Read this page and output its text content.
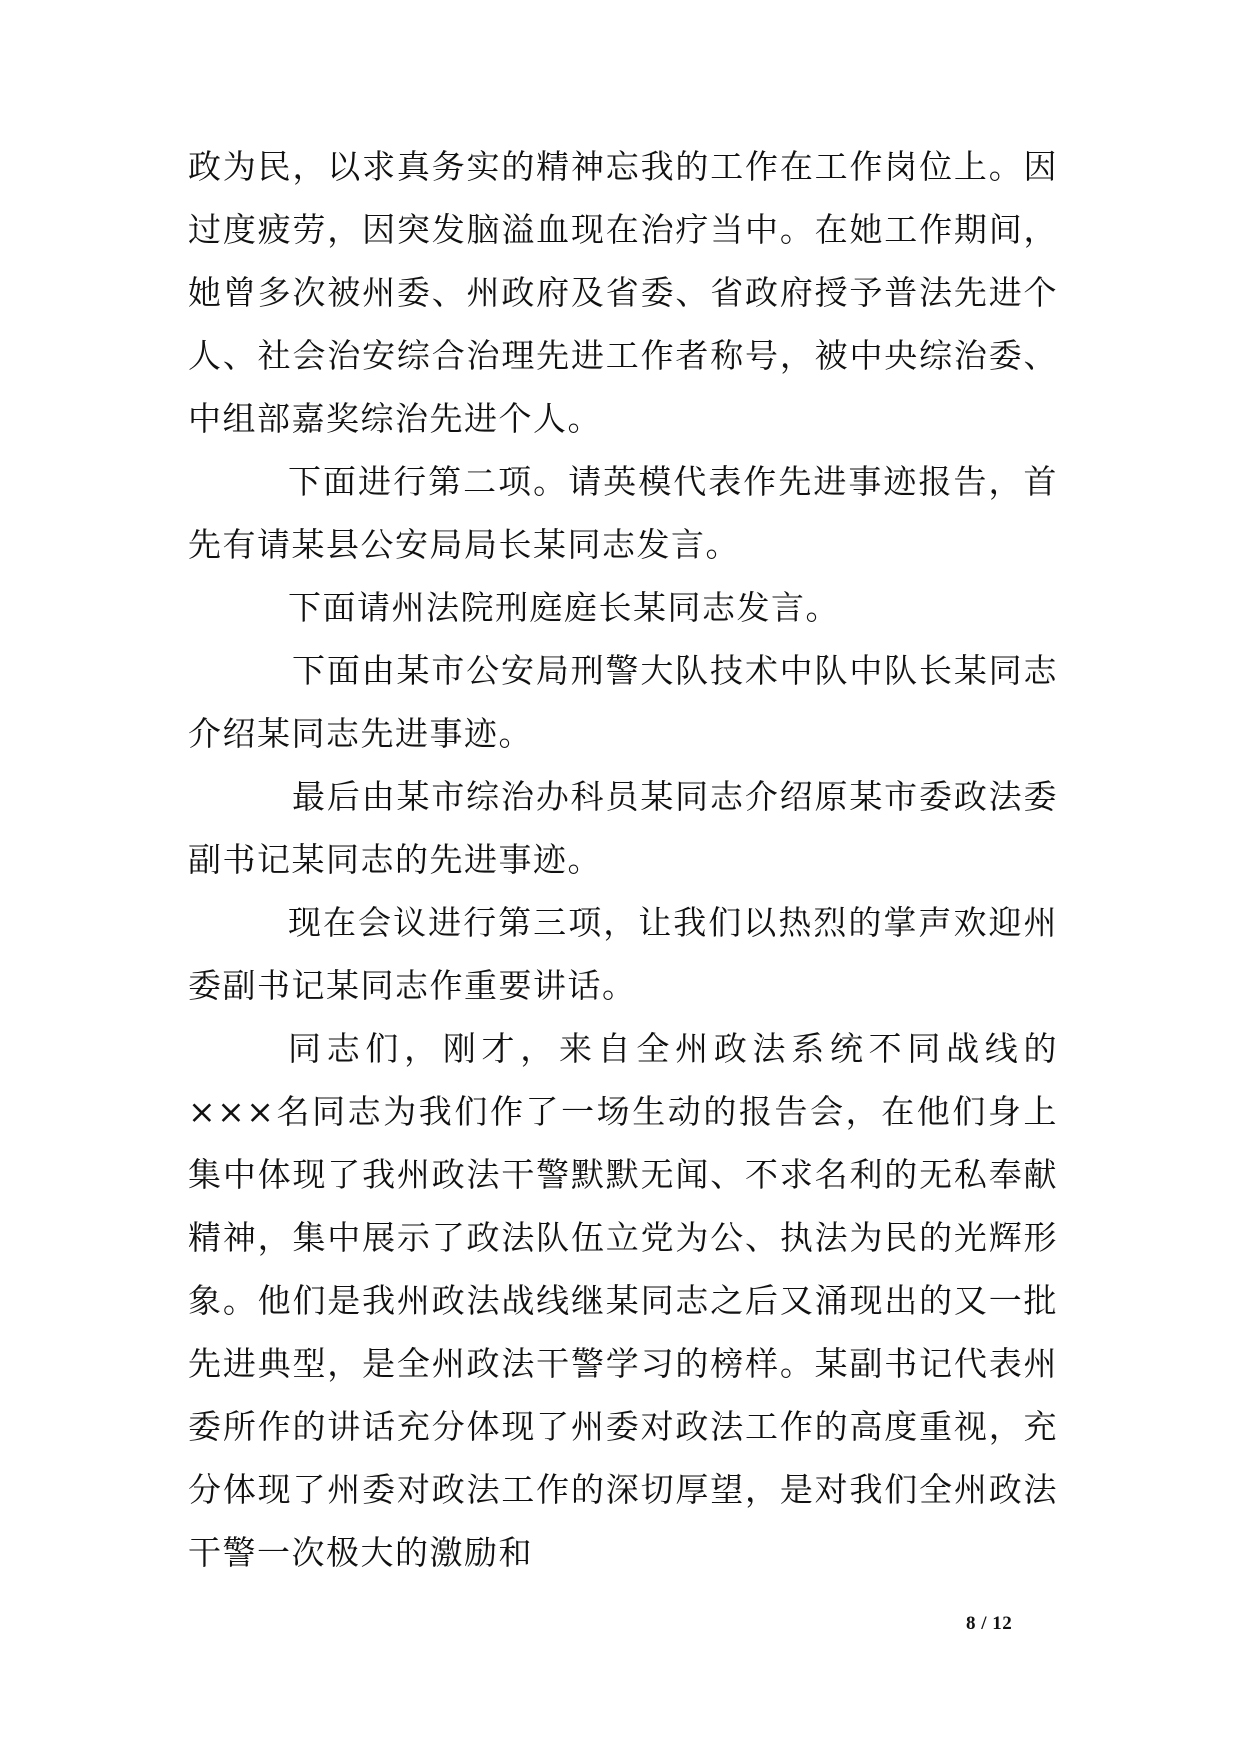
政为民，以求真务实的精神忘我的工作在工作岗位上。因过度疲劳，因突发脑溢血现在治疗当中。在她工作期间，她曾多次被州委、州政府及省委、省政府授予普法先进个人、社会治安综合治理先进工作者称号，被中央综治委、中组部嘉奖综治先进个人。

下面进行第二项。请英模代表作先进事迹报告，首先有请某县公安局局长某同志发言。

下面请州法院刑庭庭长某同志发言。

下面由某市公安局刑警大队技术中队中队长某同志介绍某同志先进事迹。

最后由某市综治办科员某同志介绍原某市委政法委副书记某同志的先进事迹。

现在会议进行第三项，让我们以热烈的掌声欢迎州委副书记某同志作重要讲话。

同志们，刚才，来自全州政法系统不同战线的×××名同志为我们作了一场生动的报告会，在他们身上集中体现了我州政法干警默默无闻、不求名利的无私奉献精神，集中展示了政法队伍立党为公、执法为民的光辉形象。他们是我州政法战线继某同志之后又涌现出的又一批先进典型，是全州政法干警学习的榜样。某副书记代表州委所作的讲话充分体现了州委对政法工作的高度重视，充分体现了州委对政法工作的深切厚望，是对我们全州政法干警一次极大的激励和

8 / 12
